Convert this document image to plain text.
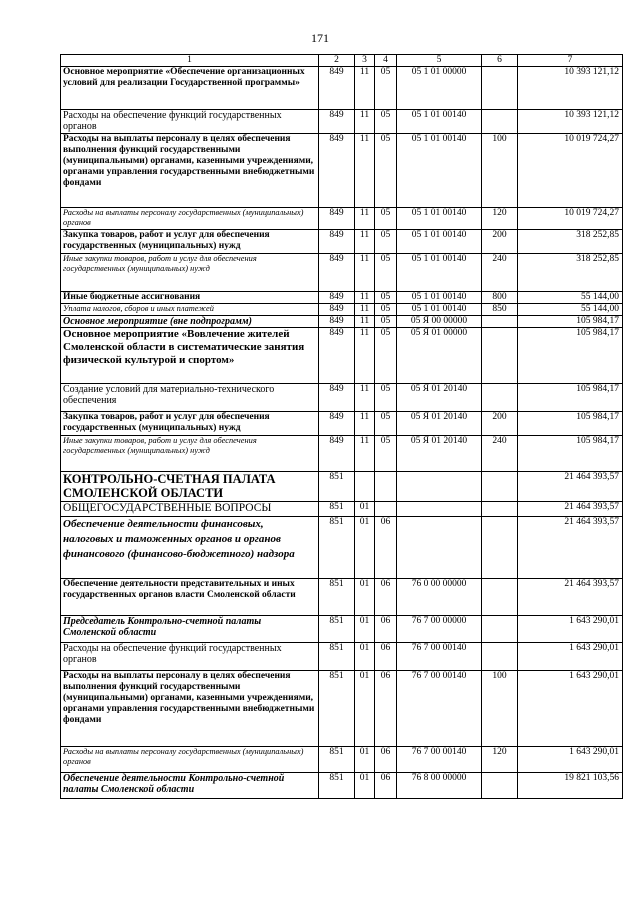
171
1	2	3	4	5	6	7
Основное мероприятие «Обеспечение организационных условий для реализации Государственной программы»	849	11	05	05 1 01 00000		10 393 121,12
Расходы на обеспечение функций государственных органов	849	11	05	05 1 01 00140		10 393 121,12
Расходы на выплаты персоналу в целях обеспечения выполнения функций государственными (муниципальными) органами, казенными учреждениями, органами управления государственными внебюджетными фондами	849	11	05	05 1 01 00140	100	10 019 724,27
Расходы на выплаты персоналу государственных (муниципальных) органов	849	11	05	05 1 01 00140	120	10 019 724,27
Закупка товаров, работ и услуг для обеспечения государственных (муниципальных) нужд	849	11	05	05 1 01 00140	200	318 252,85
Иные закупки товаров, работ и услуг для обеспечения государственных (муниципальных) нужд	849	11	05	05 1 01 00140	240	318 252,85
Иные бюджетные ассигнования	849	11	05	05 1 01 00140	800	55 144,00
Уплата налогов, сборов и иных платежей	849	11	05	05 1 01 00140	850	55 144,00
Основное мероприятие (вне подпрограмм)	849	11	05	05 Я 00 00000		105 984,17
Основное мероприятие «Вовлечение жителей Смоленской области в систематические занятия физической культурой и спортом»	849	11	05	05 Я 01 00000		105 984,17
Создание условий для материально-технического обеспечения	849	11	05	05 Я 01 20140		105 984,17
Закупка товаров, работ и услуг для обеспечения государственных (муниципальных) нужд	849	11	05	05 Я 01 20140	200	105 984,17
Иные закупки товаров, работ и услуг для обеспечения государственных (муниципальных) нужд	849	11	05	05 Я 01 20140	240	105 984,17
КОНТРОЛЬНО-СЧЕТНАЯ ПАЛАТА СМОЛЕНСКОЙ ОБЛАСТИ	851					21 464 393,57
ОБЩЕГОСУДАРСТВЕННЫЕ ВОПРОСЫ	851	01				21 464 393,57
Обеспечение деятельности финансовых, налоговых и таможенных органов и органов финансового (финансово-бюджетного) надзора	851	01	06			21 464 393,57
Обеспечение деятельности представительных и иных государственных органов власти Смоленской области	851	01	06	76 0 00 00000		21 464 393,57
Председатель Контрольно-счетной палаты Смоленской области	851	01	06	76 7 00 00000		1 643 290,01
Расходы на обеспечение функций государственных органов	851	01	06	76 7 00 00140		1 643 290,01
Расходы на выплаты персоналу в целях обеспечения выполнения функций государственными (муниципальными) органами, казенными учреждениями, органами управления государственными внебюджетными фондами	851	01	06	76 7 00 00140	100	1 643 290,01
Расходы на выплаты персоналу государственных (муниципальных) органов	851	01	06	76 7 00 00140	120	1 643 290,01
Обеспечение деятельности Контрольно-счетной палаты Смоленской области	851	01	06	76 8 00 00000		19 821 103,56
